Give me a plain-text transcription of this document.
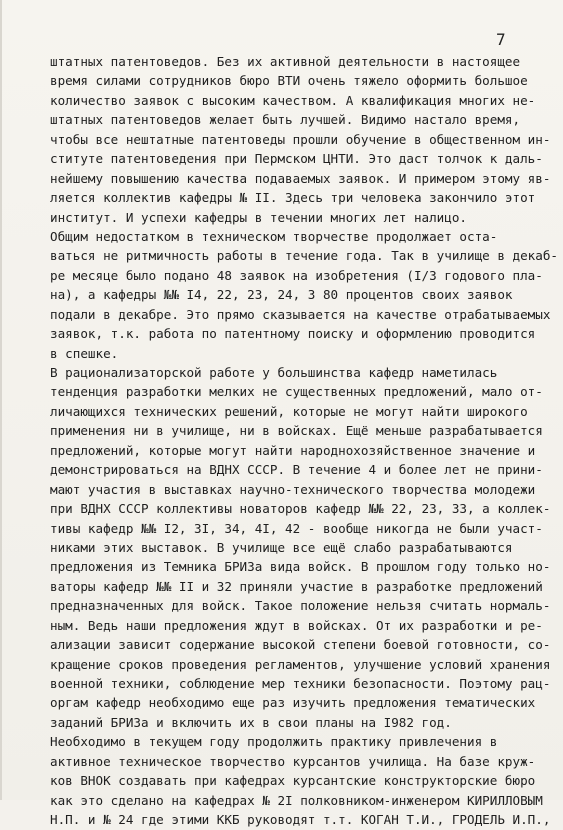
7
штатных патентоведов. Без их активной деятельности в настоящее
время силами сотрудников бюро ВТИ очень тяжело оформить большое
количество заявок с высоким качеством. А квалификация многих не-
штатных патентоведов желает быть лучшей. Видимо настало время,
чтобы все нештатные патентоведы прошли обучение в общественном ин-
ституте патентоведения при Пермском ЦНТИ. Это даст толчок к даль-
нейшему повышению качества подаваемых заявок. И примером этому яв-
ляется коллектив кафедры № II. Здесь три человека закончило этот
институт. И успехи кафедры в течении многих лет налицо.
Общим недостатком в техническом творчестве продолжает оста-
ваться не ритмичность работы в течение года. Так в училище в декаб-
ре месяце было подано 48 заявок на изобретения (I/3 годового пла-
на), а кафедры №№ I4, 22, 23, 24, 3 80 процентов своих заявок
подали в декабре. Это прямо сказывается на качестве отрабатываемых
заявок, т.к. работа по патентному поиску и оформлению проводится
в спешке.
В рационализаторской работе у большинства кафедр наметилась
тенденция разработки мелких не существенных предложений, мало от-
личающихся технических решений, которые не могут найти широкого
применения ни в училище, ни в войсках. Ещё меньше разрабатывается
предложений, которые могут найти народнохозяйственное значение и
демонстрироваться на ВДНХ СССР. В течение 4 и более лет не прини-
мают участия в выставках научно-технического творчества молодежи
при ВДНХ СССР коллективы новаторов кафедр №№ 22, 23, 33, а коллек-
тивы кафедр №№ I2, 3I, 34, 4I, 42 - вообще никогда не были участ-
никами этих выставок. В училище все ещё слабо разрабатываются
предложения из Темника БРИЗа вида войск. В прошлом году только но-
ваторы кафедр №№ II и 32 приняли участие в разработке предложений
предназначенных для войск. Такое положение нельзя считать нормаль-
ным. Ведь наши предложения ждут в войсках. От их разработки и ре-
ализации зависит содержание высокой степени боевой готовности, со-
кращение сроков проведения регламентов, улучшение условий хранения
военной техники, соблюдение мер техники безопасности. Поэтому рац-
оргам кафедр необходимо еще раз изучить предложения тематических
заданий БРИЗа и включить их в свои планы на I982 год.
Необходимо в текущем году продолжить практику привлечения в
активное техническое творчество курсантов училища. На базе круж-
ков ВНОК создавать при кафедрах курсантские конструкторские бюро
как это сделано на кафедрах № 2I полковником-инженером КИРИЛЛОВЫМ
Н.П. и № 24 где этими ККБ руководят т.т. КОГАН Т.И., ГРОДЕЛЬ И.П.,
